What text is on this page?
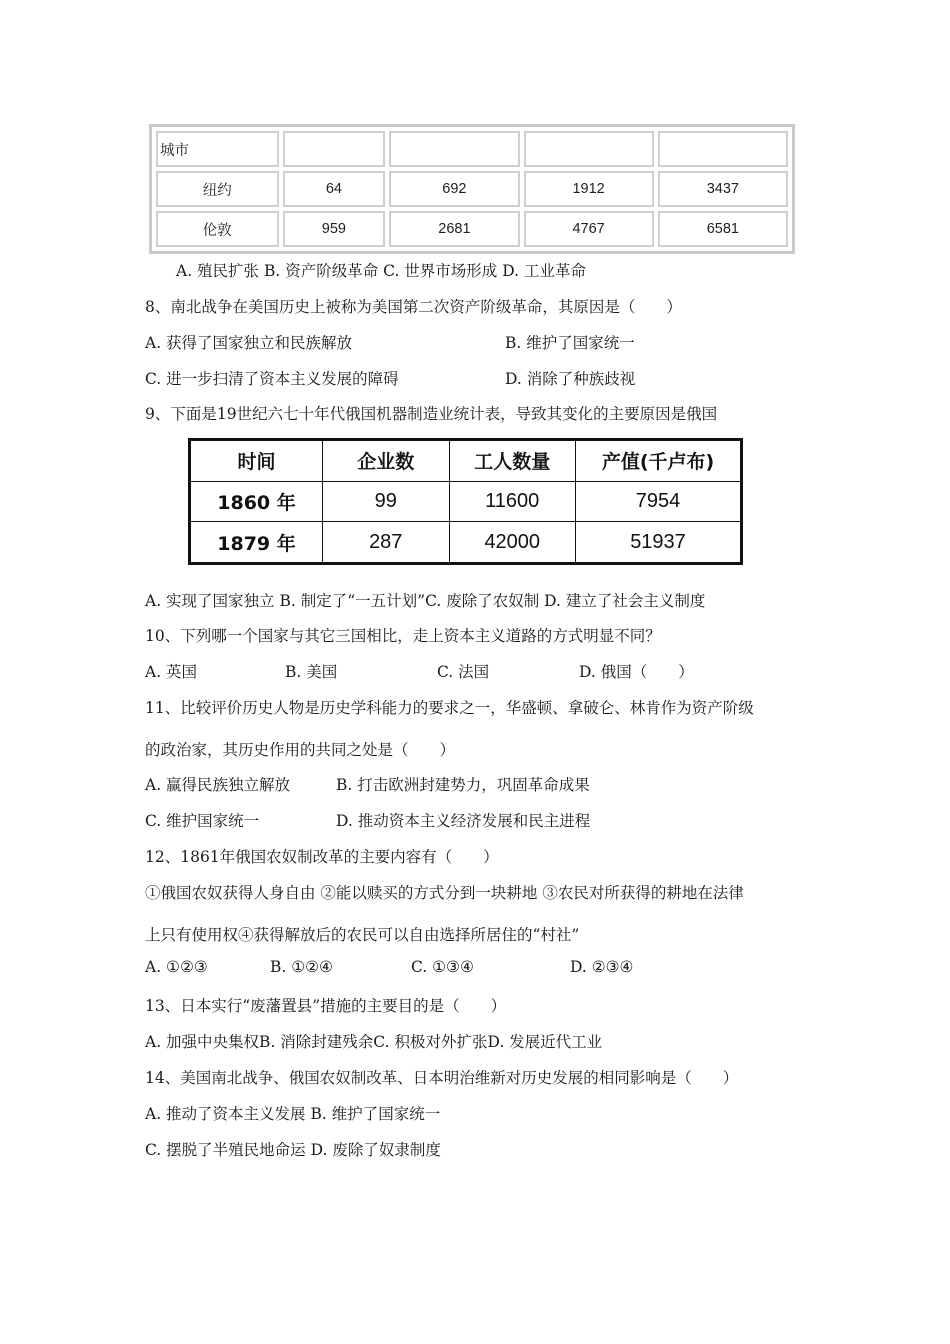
城市				
纽约	64	692	1912	3437
伦敦	959	2681	4767	6581
A. 殖民扩张 B. 资产阶级革命 C. 世界市场形成 D. 工业革命
8、南北战争在美国历史上被称为美国第二次资产阶级革命，其原因是（　　）
A. 获得了国家独立和民族解放	B. 维护了国家统一
C. 进一步扫清了资本主义发展的障碍	D. 消除了种族歧视
9、下面是19世纪六七十年代俄国机器制造业统计表，导致其变化的主要原因是俄国
时间	企业数	工人数量	产值(千卢布)
1860 年	99	11600	7954
1879 年	287	42000	51937
A. 实现了国家独立 B. 制定了“一五计划”C. 废除了农奴制 D. 建立了社会主义制度
10、下列哪一个国家与其它三国相比，走上资本主义道路的方式明显不同？
A. 英国	B. 美国	C. 法国	D. 俄国（　　）
11、比较评价历史人物是历史学科能力的要求之一，华盛顿、拿破仑、林肯作为资产阶级
的政治家，其历史作用的共同之处是（　　）
A. 赢得民族独立解放	B. 打击欧洲封建势力，巩固革命成果
C. 维护国家统一	D. 推动资本主义经济发展和民主进程
12、1861年俄国农奴制改革的主要内容有（　　）
①俄国农奴获得人身自由 ②能以赎买的方式分到一块耕地 ③农民对所获得的耕地在法律
上只有使用权④获得解放后的农民可以自由选择所居住的“村社”
A. ①②③	B. ①②④	C. ①③④	D. ②③④
13、日本实行“废藩置县”措施的主要目的是（　　）
A. 加强中央集权B. 消除封建残余C. 积极对外扩张D. 发展近代工业
14、美国南北战争、俄国农奴制改革、日本明治维新对历史发展的相同影响是（　　）
A. 推动了资本主义发展 B. 维护了国家统一
C. 摆脱了半殖民地命运 D. 废除了奴隶制度
